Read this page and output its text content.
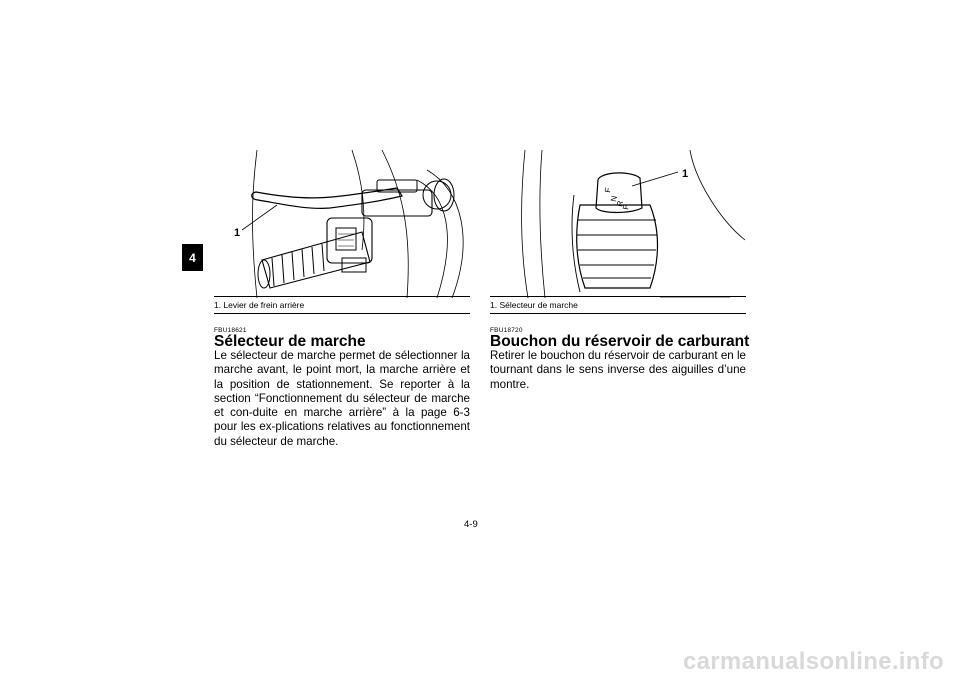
4
1
F
N
R
P
1
1. Levier de frein arrière
FBU18621
Sélecteur de marche
Le sélecteur de marche permet de sélectionner la marche avant, le point mort, la marche arrière et la position de stationnement. Se reporter à la section “Fonctionnement du sélecteur de marche et con-duite en marche arrière” à la page 6-3 pour les ex-plications relatives au fonctionnement du sélecteur de marche.
1. Sélecteur de marche
FBU18720
Bouchon du réservoir de carburant
Retirer le bouchon du réservoir de carburant en le tournant dans le sens inverse des aiguilles d’une montre.
4-9
carmanualsonline.info
